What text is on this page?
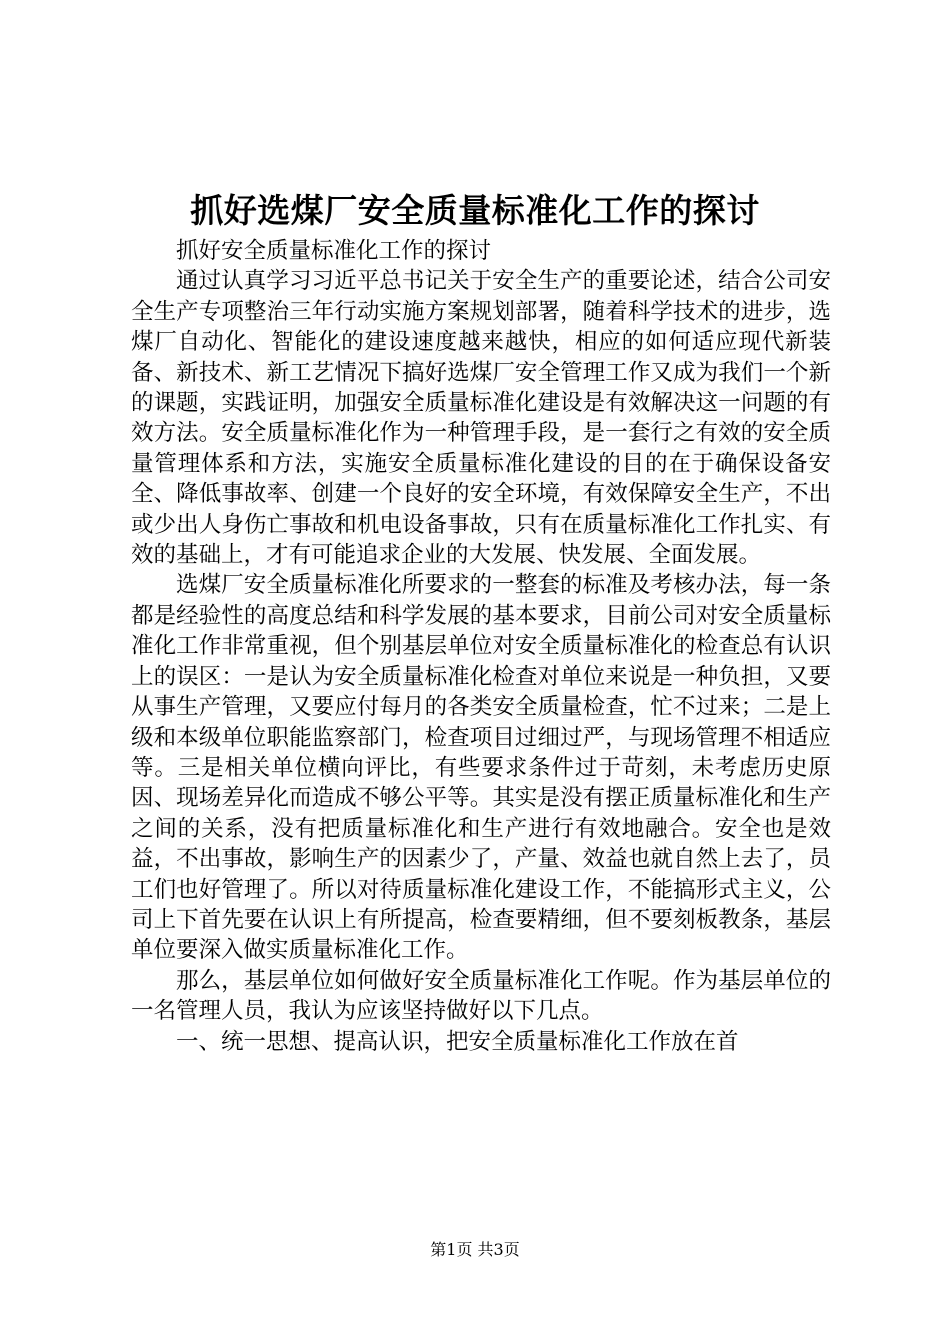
抓好选煤厂安全质量标准化工作的探讨

抓好安全质量标准化工作的探讨

通过认真学习习近平总书记关于安全生产的重要论述，结合公司安全生产专项整治三年行动实施方案规划部署，随着科学技术的进步，选煤厂自动化、智能化的建设速度越来越快，相应的如何适应现代新装备、新技术、新工艺情况下搞好选煤厂安全管理工作又成为我们一个新的课题，实践证明，加强安全质量标准化建设是有效解决这一问题的有效方法。安全质量标准化作为一种管理手段，是一套行之有效的安全质量管理体系和方法，实施安全质量标准化建设的目的在于确保设备安全、降低事故率、创建一个良好的安全环境，有效保障安全生产，不出或少出人身伤亡事故和机电设备事故，只有在质量标准化工作扎实、有效的基础上，才有可能追求企业的大发展、快发展、全面发展。

选煤厂安全质量标准化所要求的一整套的标准及考核办法，每一条都是经验性的高度总结和科学发展的基本要求，目前公司对安全质量标准化工作非常重视，但个别基层单位对安全质量标准化的检查总有认识上的误区：一是认为安全质量标准化检查对单位来说是一种负担，又要从事生产管理，又要应付每月的各类安全质量检查，忙不过来；二是上级和本级单位职能监察部门，检查项目过细过严，与现场管理不相适应等。三是相关单位横向评比，有些要求条件过于苛刻，未考虑历史原因、现场差异化而造成不够公平等。其实是没有摆正质量标准化和生产之间的关系，没有把质量标准化和生产进行有效地融合。安全也是效益，不出事故，影响生产的因素少了，产量、效益也就自然上去了，员工们也好管理了。所以对待质量标准化建设工作，不能搞形式主义，公司上下首先要在认识上有所提高，检查要精细，但不要刻板教条，基层单位要深入做实质量标准化工作。

那么，基层单位如何做好安全质量标准化工作呢。作为基层单位的一名管理人员，我认为应该坚持做好以下几点。

一、统一思想、提高认识，把安全质量标准化工作放在首

第1页 共3页
